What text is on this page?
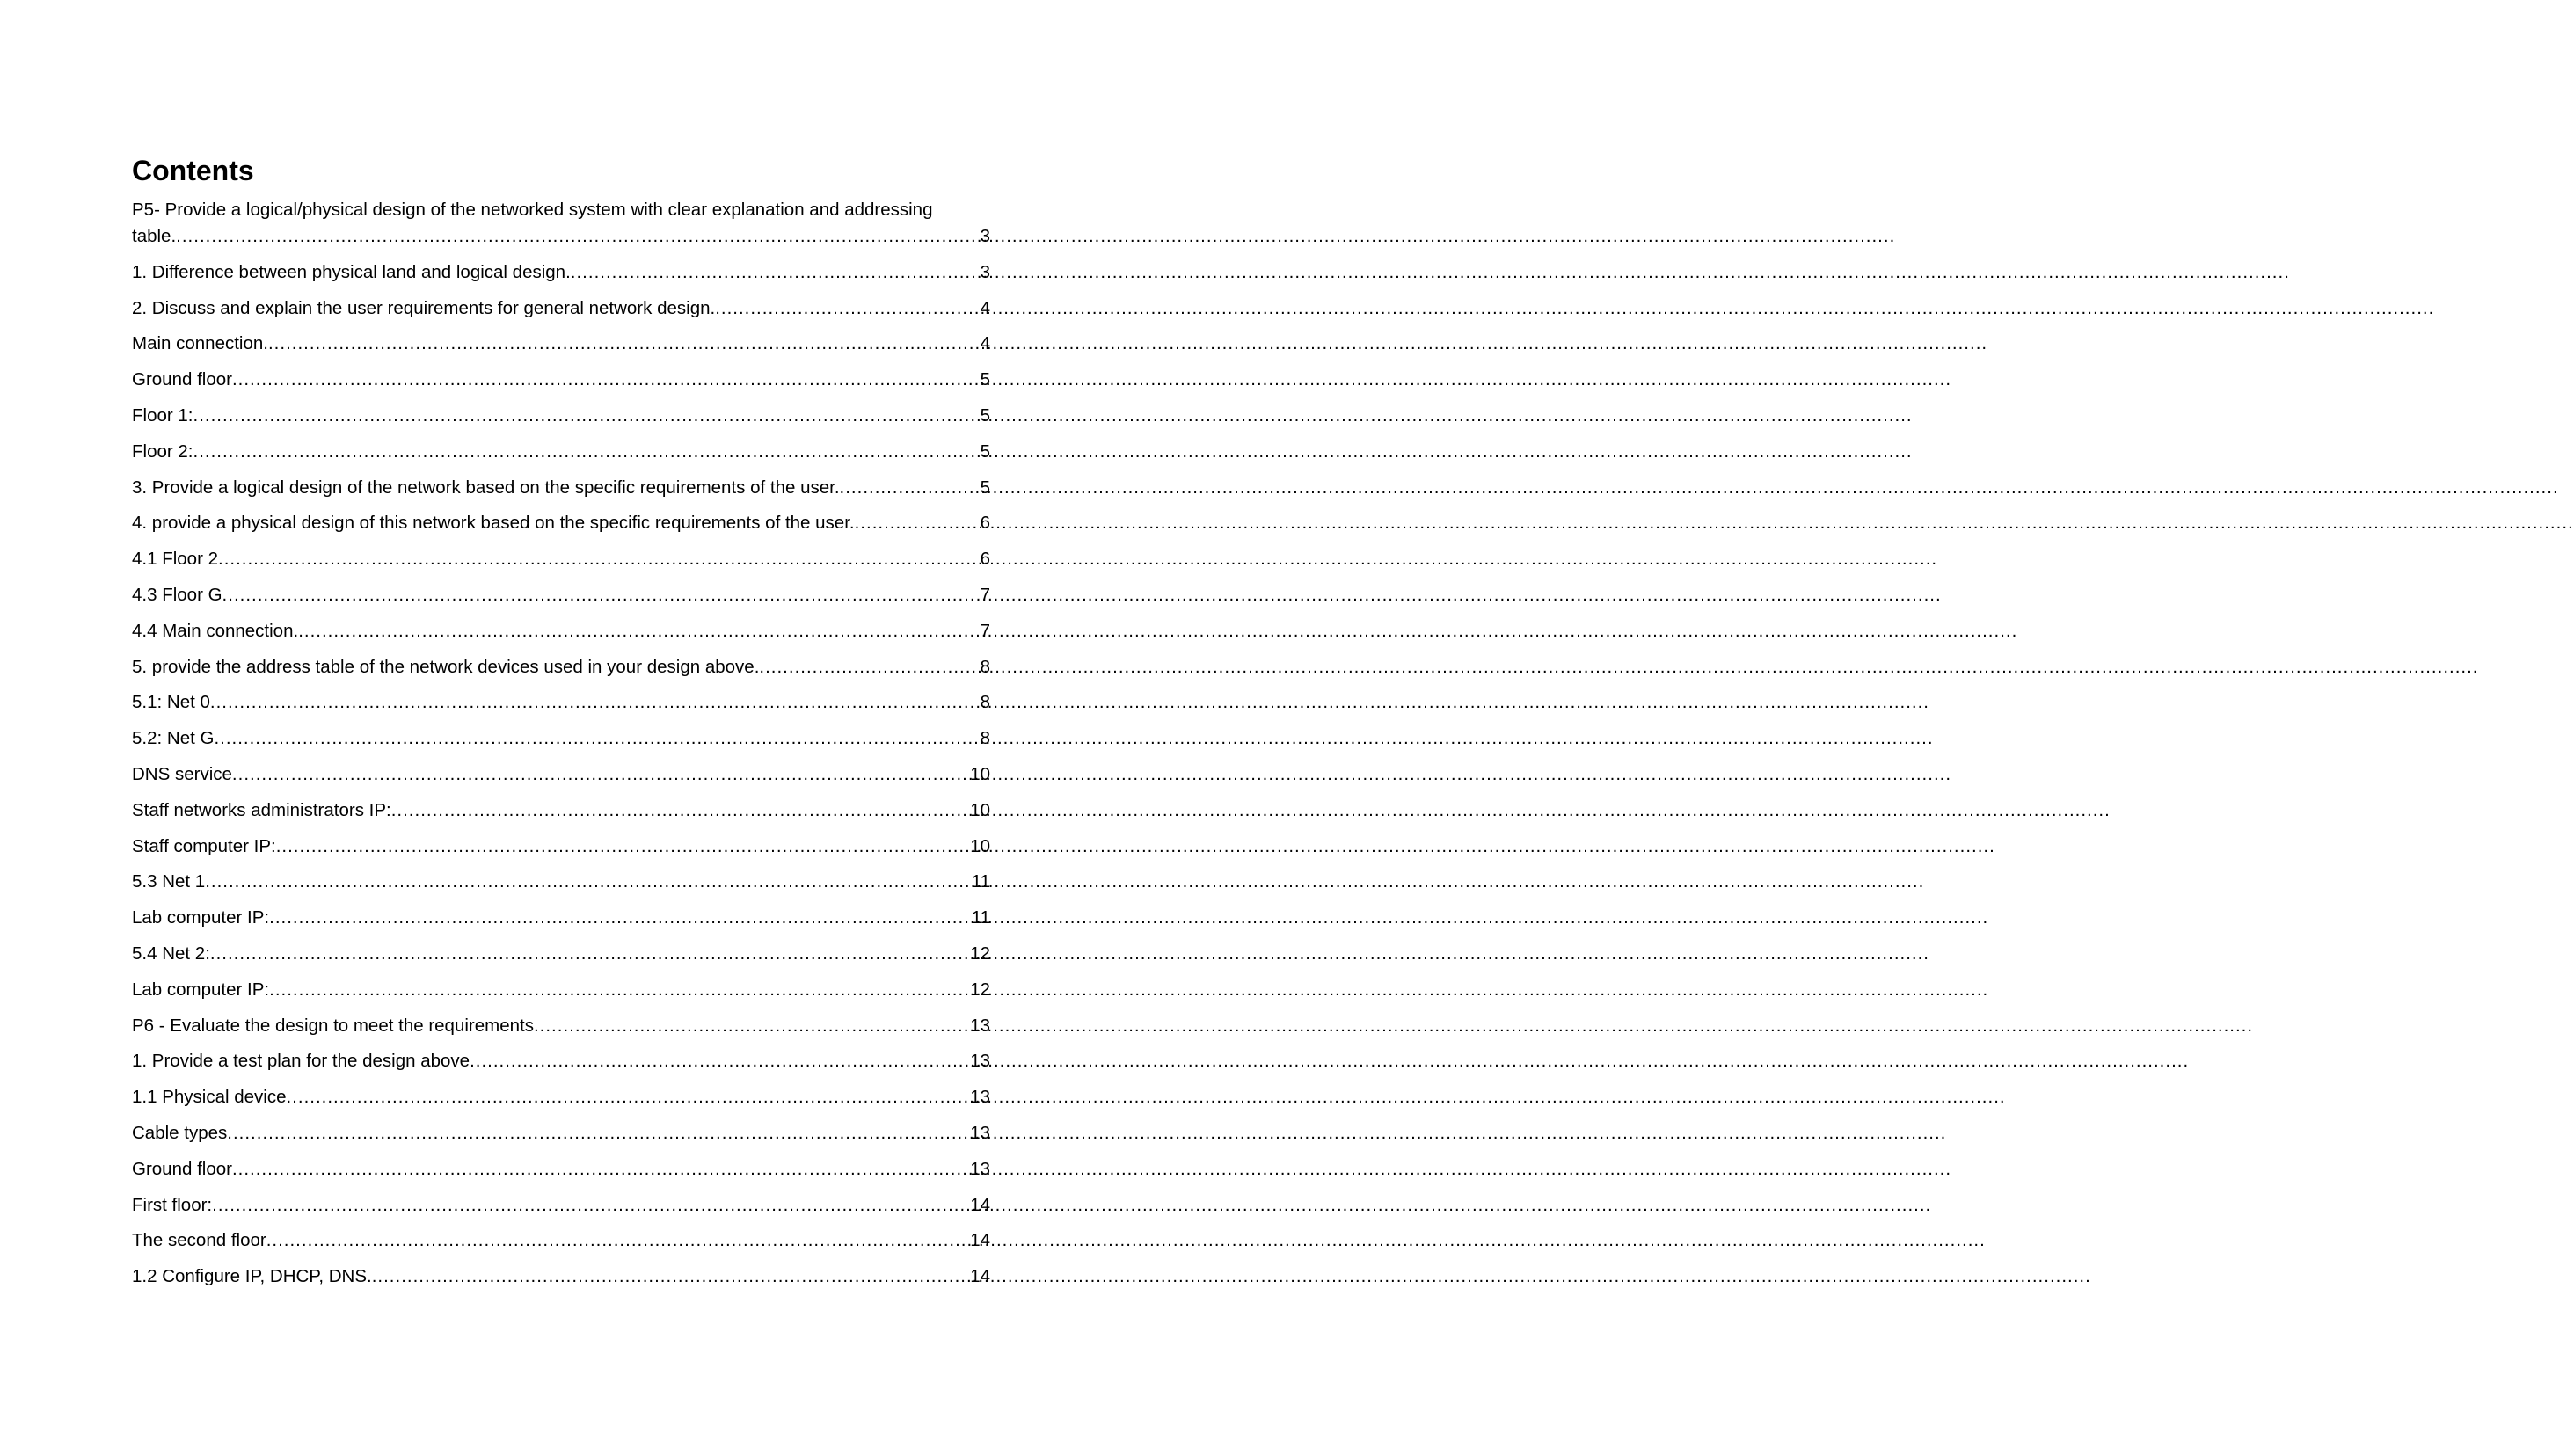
Contents
P5- Provide a logical/physical design of the networked system with clear explanation and addressing
table. .....	3
1. Difference between physical land and logical design. .....	3
2. Discuss and explain the user requirements for general network design. .....	4
Main connection. .....	4
Ground floor .....	5
Floor 1: .....	5
Floor 2: .....	5
3. Provide a logical design of the network based on the specific requirements of the user. .....	5
4. provide a physical design of this network based on the specific requirements of the user. .....	6
4.1 Floor 2 .....	6
4.3 Floor G .....	7
4.4 Main connection. .....	7
5. provide the address table of the network devices used in your design above. .....	8
5.1: Net 0 .....	8
5.2: Net G .....	8
DNS service .....	10
Staff networks administrators IP: .....	10
Staff computer IP: .....	10
5.3 Net 1 .....	11
Lab computer IP: .....	11
5.4 Net 2: .....	12
Lab computer IP: .....	12
P6 - Evaluate the design to meet the requirements .....	13
1. Provide a test plan for the design above .....	13
1.1 Physical device .....	13
Cable types .....	13
Ground floor .....	13
First floor: .....	14
The second floor .....	14
1.2 Configure IP, DHCP, DNS. .....	14
